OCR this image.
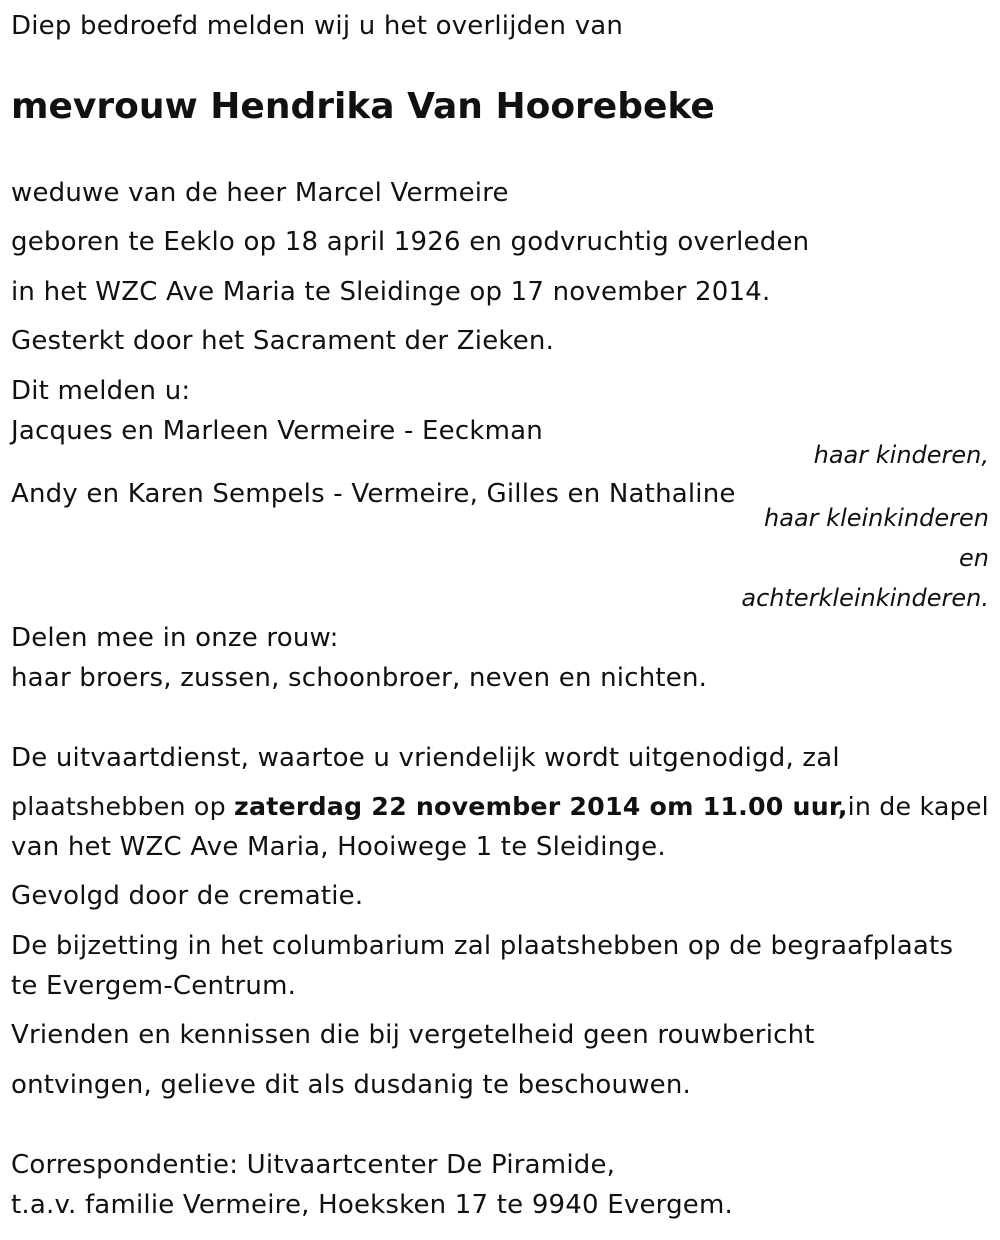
Diep bedroefd melden wij u het overlijden van
mevrouw Hendrika Van Hoorebeke
weduwe van de heer Marcel Vermeire
geboren te Eeklo op 18 april 1926 en godvruchtig overleden
in het WZC Ave Maria te Sleidinge op 17 november 2014.
Gesterkt door het Sacrament der Zieken.
Dit melden u:
Jacques en Marleen Vermeire - Eeckman
haar kinderen,
Andy en Karen Sempels - Vermeire, Gilles en Nathaline
haar kleinkinderen
en
achterkleinkinderen.
Delen mee in onze rouw:
haar broers, zussen, schoonbroer, neven en nichten.
De uitvaartdienst, waartoe u vriendelijk wordt uitgenodigd, zal
plaatshebben op zaterdag 22 november 2014 om 11.00 uur,in de kapel
van het WZC Ave Maria, Hooiwege 1 te Sleidinge.
Gevolgd door de crematie.
De bijzetting in het columbarium zal plaatshebben op de begraafplaats
te Evergem-Centrum.
Vrienden en kennissen die bij vergetelheid geen rouwbericht
ontvingen, gelieve dit als dusdanig te beschouwen.
Correspondentie: Uitvaartcenter De Piramide,
t.a.v. familie Vermeire, Hoeksken 17 te 9940 Evergem.
